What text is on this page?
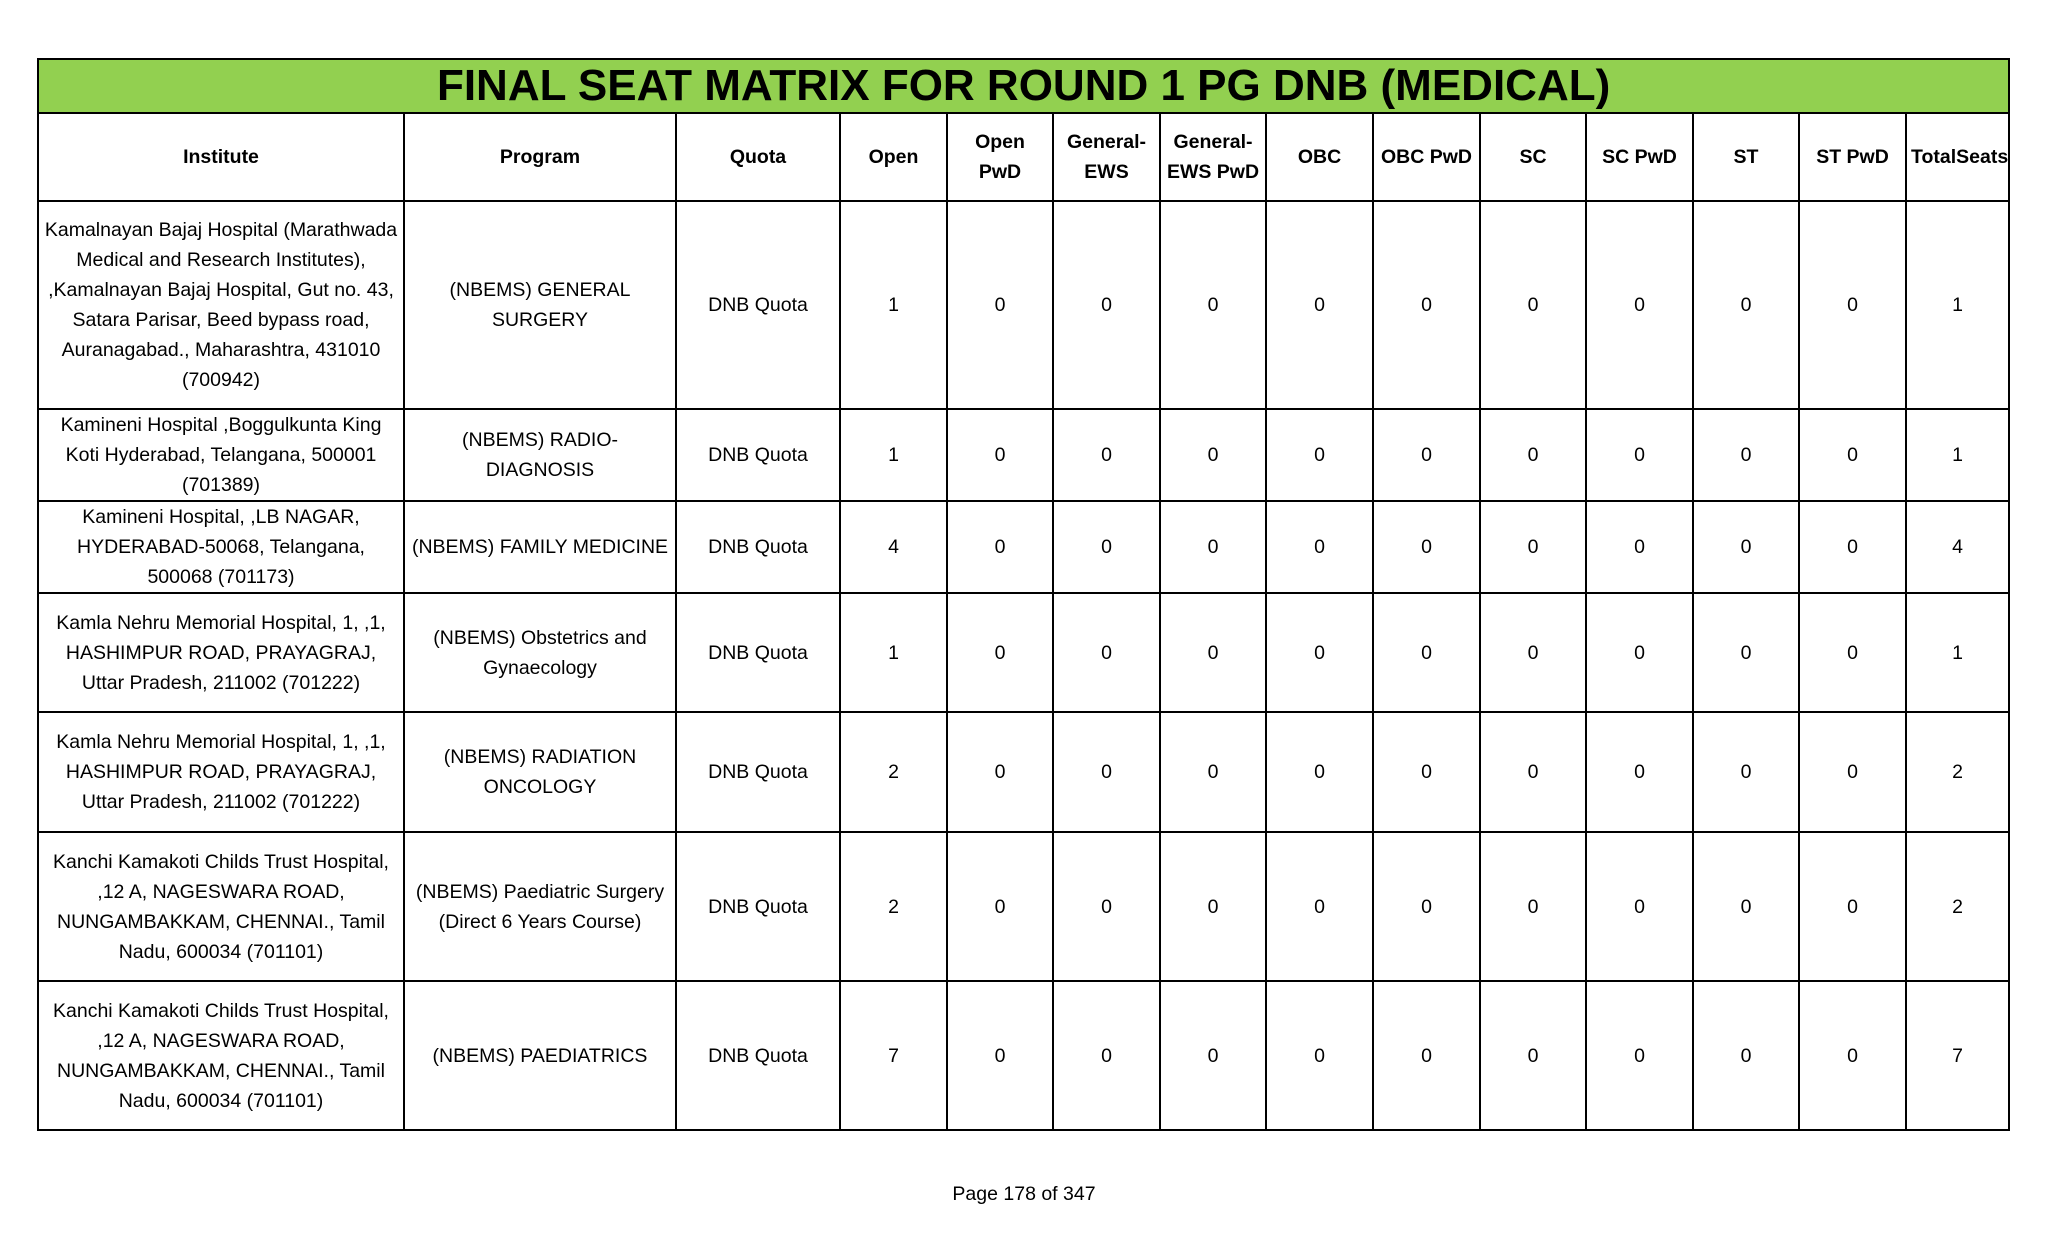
FINAL SEAT MATRIX FOR ROUND 1 PG DNB (MEDICAL)													
Institute	Program	Quota	Open	Open PwD	General-EWS	General-EWS PwD	OBC	OBC PwD	SC	SC PwD	ST	ST PwD	TotalSeats
Kamalnayan Bajaj Hospital (Marathwada Medical and Research Institutes), ,Kamalnayan Bajaj Hospital, Gut no. 43, Satara Parisar, Beed bypass road, Auranagabad., Maharashtra, 431010 (700942)	(NBEMS) GENERAL SURGERY	DNB Quota	1	0	0	0	0	0	0	0	0	0	1
Kamineni Hospital ,Boggulkunta King Koti Hyderabad, Telangana, 500001 (701389)	(NBEMS) RADIO-DIAGNOSIS	DNB Quota	1	0	0	0	0	0	0	0	0	0	1
Kamineni Hospital, ,LB NAGAR, HYDERABAD-50068, Telangana, 500068 (701173)	(NBEMS) FAMILY MEDICINE	DNB Quota	4	0	0	0	0	0	0	0	0	0	4
Kamla Nehru Memorial Hospital, 1, ,1, HASHIMPUR ROAD, PRAYAGRAJ, Uttar Pradesh, 211002 (701222)	(NBEMS) Obstetrics and Gynaecology	DNB Quota	1	0	0	0	0	0	0	0	0	0	1
Kamla Nehru Memorial Hospital, 1, ,1, HASHIMPUR ROAD, PRAYAGRAJ, Uttar Pradesh, 211002 (701222)	(NBEMS) RADIATION ONCOLOGY	DNB Quota	2	0	0	0	0	0	0	0	0	0	2
Kanchi Kamakoti Childs Trust Hospital, ,12 A, NAGESWARA ROAD, NUNGAMBAKKAM, CHENNAI., Tamil Nadu, 600034 (701101)	(NBEMS) Paediatric Surgery (Direct 6 Years Course)	DNB Quota	2	0	0	0	0	0	0	0	0	0	2
Kanchi Kamakoti Childs Trust Hospital, ,12 A, NAGESWARA ROAD, NUNGAMBAKKAM, CHENNAI., Tamil Nadu, 600034 (701101)	(NBEMS) PAEDIATRICS	DNB Quota	7	0	0	0	0	0	0	0	0	0	7
Page 178 of 347
